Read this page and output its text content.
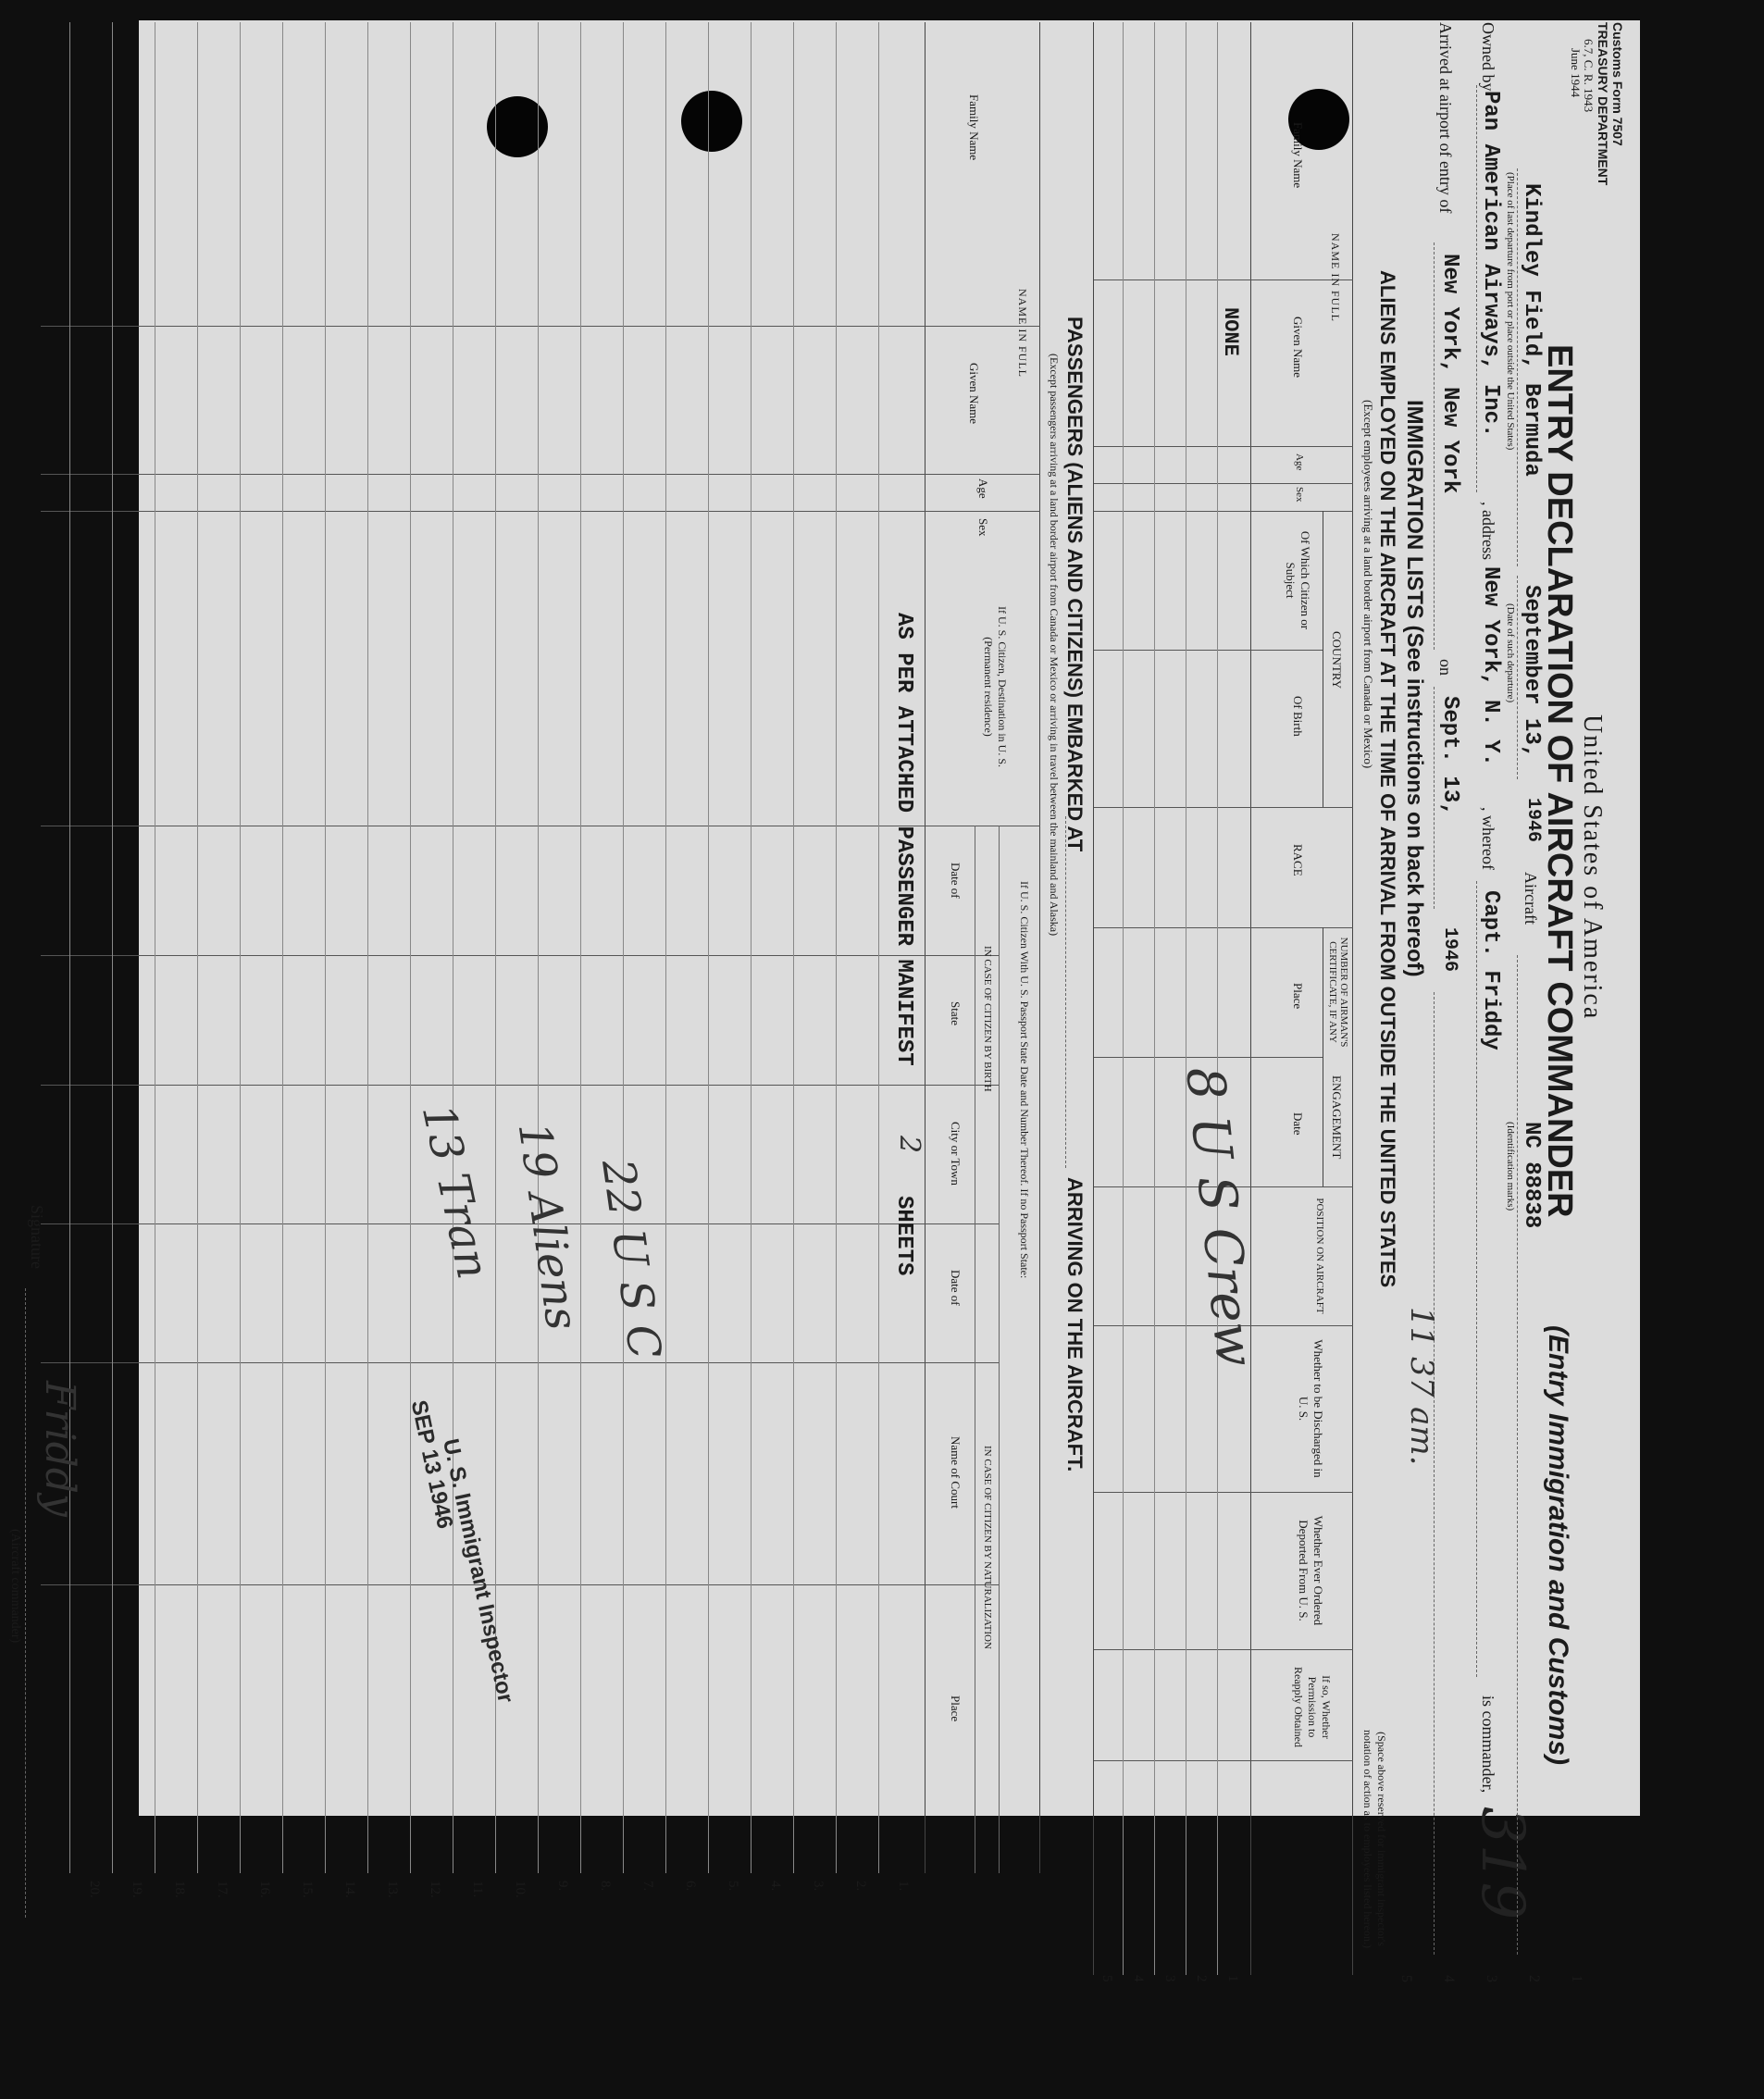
Customs Form 7507
TREASURY DEPARTMENT
6.7, C. R. 1943
June 1944
United States of America
ENTRY DECLARATION OF AIRCRAFT COMMANDER
(Entry Immigration and Customs)
319
1
2
3
4
5
Kindley Field, Bermuda
(Place of last departure from port or place outside the United States)
September 13,
(Date of such departure)
1946
Aircraft
NC 88838
(Identification marks)
Owned by
Pan American Airways, Inc.
, address
New York, N. Y.
, whereof
Capt. Friddy
is commander,
Arrived at airport of entry of
New York, New York
on
Sept. 13,
1946
IMMIGRATION LISTS (See instructions on back hereof)
ALIENS EMPLOYED ON THE AIRCRAFT AT THE TIME OF ARRIVAL FROM OUTSIDE THE UNITED STATES
(Except employees arriving at a land border airport from Canada or Mexico)
(Space above reserved for immigrant inspector's notation of action as to employees listed hereon.)
11 37 am.
NAME IN FULL
Family Name
Given Name
Age
Sex
COUNTRY
Of Which Citizen or Subject
Of Birth
RACE
NUMBER OF AIRMAN'S CERTIFICATE, IF ANY
ENGAGEMENT
Place
Date
POSITION ON AIRCRAFT
Whether to be Discharged in U. S.
Whether Ever Ordered Deported From U. S.
If so, Whether Permission to Reapply Obtained
NONE
8 U S Crew
1
2
3
4
5
PASSENGERS (ALIENS AND CITIZENS) EMBARKED AT
ARRIVING ON THE AIRCRAFT.
(Except passengers arriving at a land border airport from Canada or Mexico or arriving in travel between the mainland and Alaska)
NAME IN FULL
Family Name
Given Name
Age
Sex
If U. S. Citizen, Destination in U. S. (Permanent residence)
If U. S. Citizen With U. S. Passport State Date and Number Thereof. If no Passport State:
IN CASE OF CITIZEN BY BIRTH
IN CASE OF CITIZEN BY NATURALIZATION
Date of
State
City or Town
Date of
Name of Court
Place
1.
2.
3.
4.
5.
6.
7.
8.
9.
10.
11.
12.
13.
14.
15.
16.
17.
18.
19.
20.
AS PER ATTACHED PASSENGER MANIFEST
2
SHEETS
22 U S C
19 Aliens
13 Tran
U. S. Immigrant Inspector
SEP 13 1946
Signature
Friddy
(Aircraft commander)
